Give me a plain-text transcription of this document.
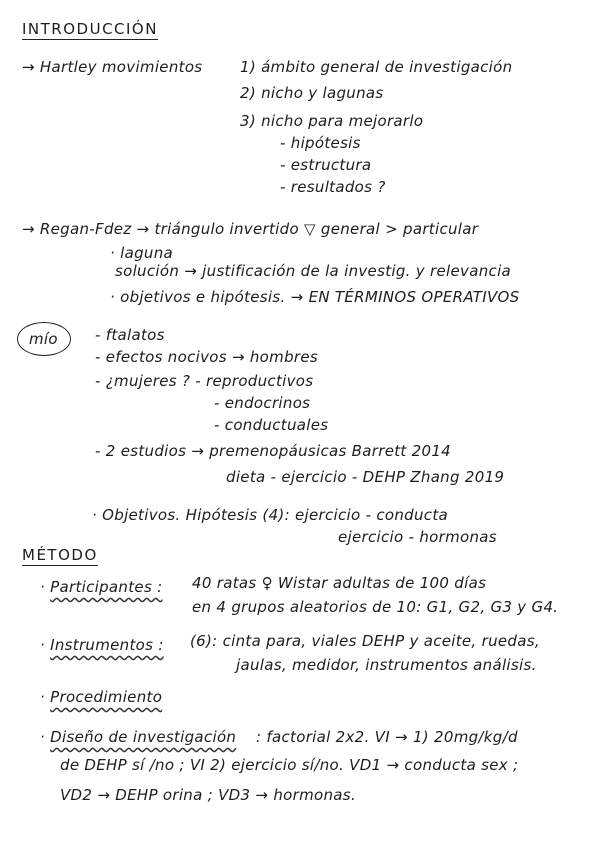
INTRODUCCIÓN
→ Hartley movimientos	1) ámbito general de investigación
2) nicho y lagunas
3) nicho para mejorarlo
- hipótesis
- estructura
- resultados ?
→ Regan-Fdez → triángulo invertido ▽ general > particular
· laguna
solución → justificación de la investig. y relevancia
· objetivos e hipótesis. → EN TÉRMINOS OPERATIVOS
mío - ftalatos
- efectos nocivos → hombres
- ¿mujeres ? - reproductivos
- endocrinos
- conductuales
- 2 estudios → premenopáusicas Barrett 2014
dieta - ejercicio - DEHP Zhang 2019
· Objetivos. Hipótesis (4): ejercicio - conducta
ejercicio - hormonas
MÉTODO
· Participantes : 40 ratas ♀ Wistar adultas de 100 días
en 4 grupos aleatorios de 10: G1, G2, G3 y G4.
· Instrumentos : (6): cinta para, viales DEHP y aceite, ruedas,
jaulas, medidor, instrumentos análisis.
· Procedimiento
· Diseño de investigación : factorial 2x2. VI → 1) 20mg/kg/d
de DEHP sí /no ; VI 2) ejercicio sí/no. VD1 → conducta sex ;
VD2 → DEHP orina ; VD3 → hormonas.
